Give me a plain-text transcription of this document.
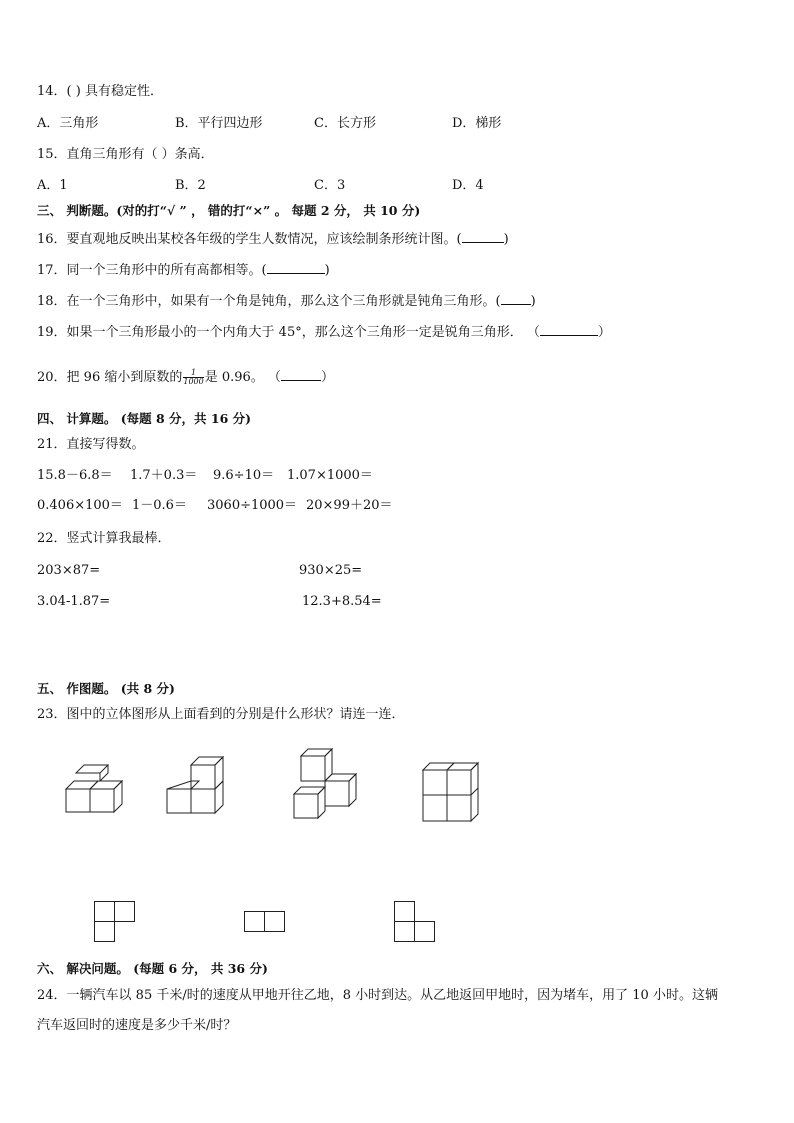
14．( ) 具有稳定性．
A．三角形	B．平行四边形	C．长方形	D．梯形
15．直角三角形有（ ）条高．
A．1	B．2	C．3	D．4
三、 判断题。(对的打“√ ” ， 错的打“×” 。 每题 2 分， 共 10 分)
16．要直观地反映出某校各年级的学生人数情况，应该绘制条形统计图。(	)
17．同一个三角形中的所有高都相等。(	)
18．在一个三角形中，如果有一个角是钝角，那么这个三角形就是钝角三角形。( )
19．如果一个三角形最小的一个内角大于 45°，那么这个三角形一定是锐角三角形． （	）
20．把 96 缩小到原数的 $\frac{1}{1000}$ 是 0.96。 （	）
四、 计算题。 (每题 8 分，共 16 分)
21．直接写得数。
15.8－6.8＝ 1.7＋0.3＝ 9.6÷10＝ 1.07×1000＝
0.406×100＝ 1－0.6＝ 3060÷1000＝ 20×99＋20＝
22．竖式计算我最棒．
203×87=	930×25=
3.04-1.87=	12.3+8.54=
五、 作图题。 (共 8 分)
23．图中的立体图形从上面看到的分别是什么形状？请连一连．
六、 解决问题。 (每题 6 分， 共 36 分)
24．一辆汽车以 85 千米/时的速度从甲地开往乙地，8 小时到达。从乙地返回甲地时，因为堵车，用了 10 小时。这辆
汽车返回时的速度是多少千米/时？
